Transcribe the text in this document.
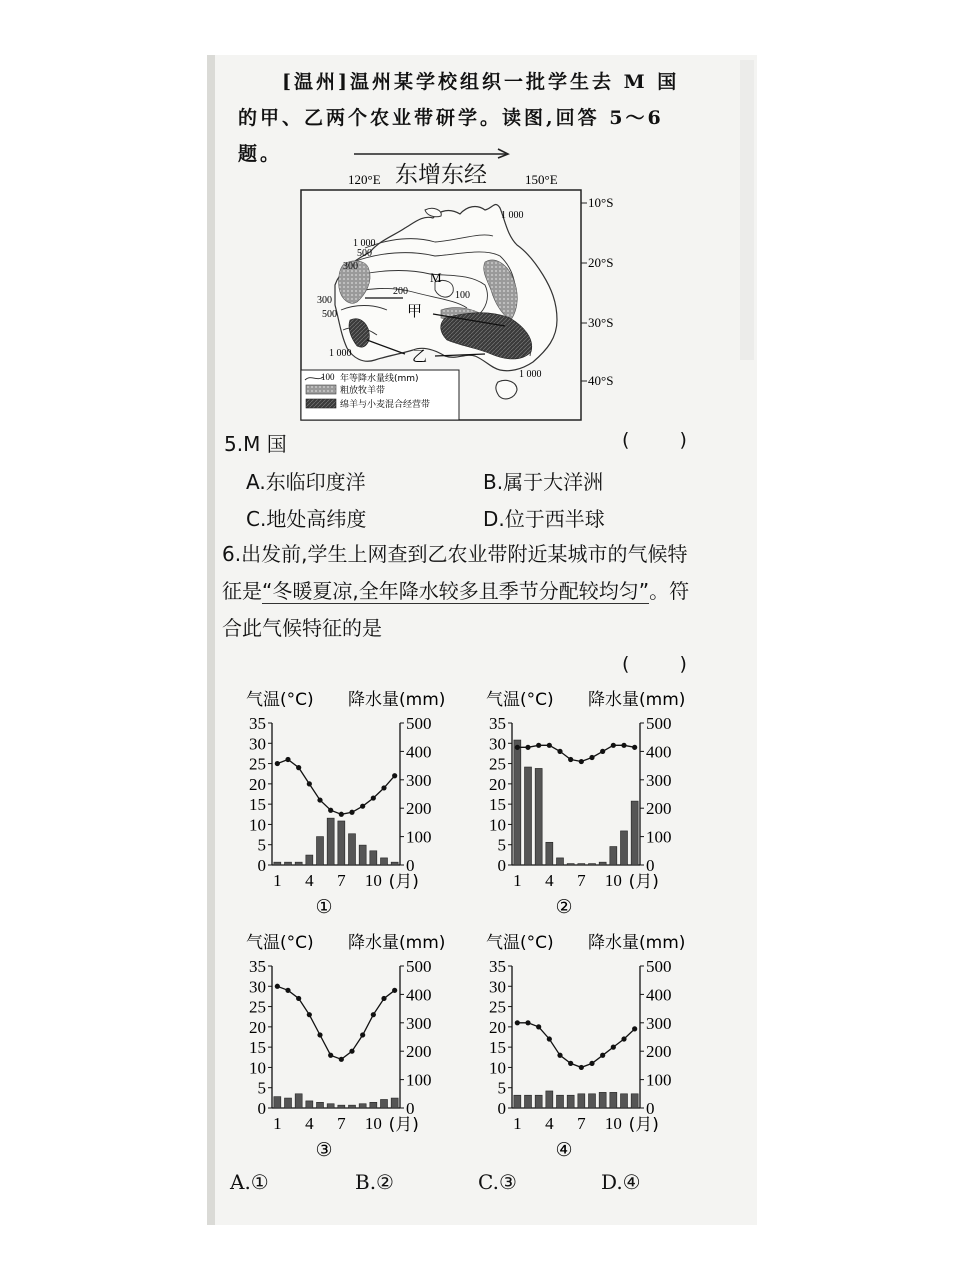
[温州]温州某学校组织一批学生去 M 国的甲、乙两个农业带研学。读图,回答 5～6 题。
东增东经
120°E	150°E
10°S
20°S
30°S
40°S
1 000
500
300
200	100
300
500
1 000
1 000
1 000
M
甲
乙
100 年等降水量线(mm)
粗放牧羊带
绵羊与小麦混合经营带
5.M 国	( )
A.东临印度洋	B.属于大洋洲
C.地处高纬度	D.位于西半球
6.出发前,学生上网查到乙农业带附近某城市的气候特征是“冬暖夏凉,全年降水较多且季节分配较均匀”。符合此气候特征的是
( )
气温(°C) 降水量(mm)
0
5
10
15
20
25
30
35
0
100
200
300
400
500
1 4 7 10 (月)
①
气温(°C) 降水量(mm)
0
5
10
15
20
25
30
35
0
100
200
300
400
500
1 4 7 10 (月)
②
气温(°C) 降水量(mm)
0
5
10
15
20
25
30
35
0
100
200
300
400
500
1 4 7 10 (月)
③
气温(°C) 降水量(mm)
0
5
10
15
20
25
30
35
0
100
200
300
400
500
1 4 7 10 (月)
④
A.①	B.②	C.③	D.④
